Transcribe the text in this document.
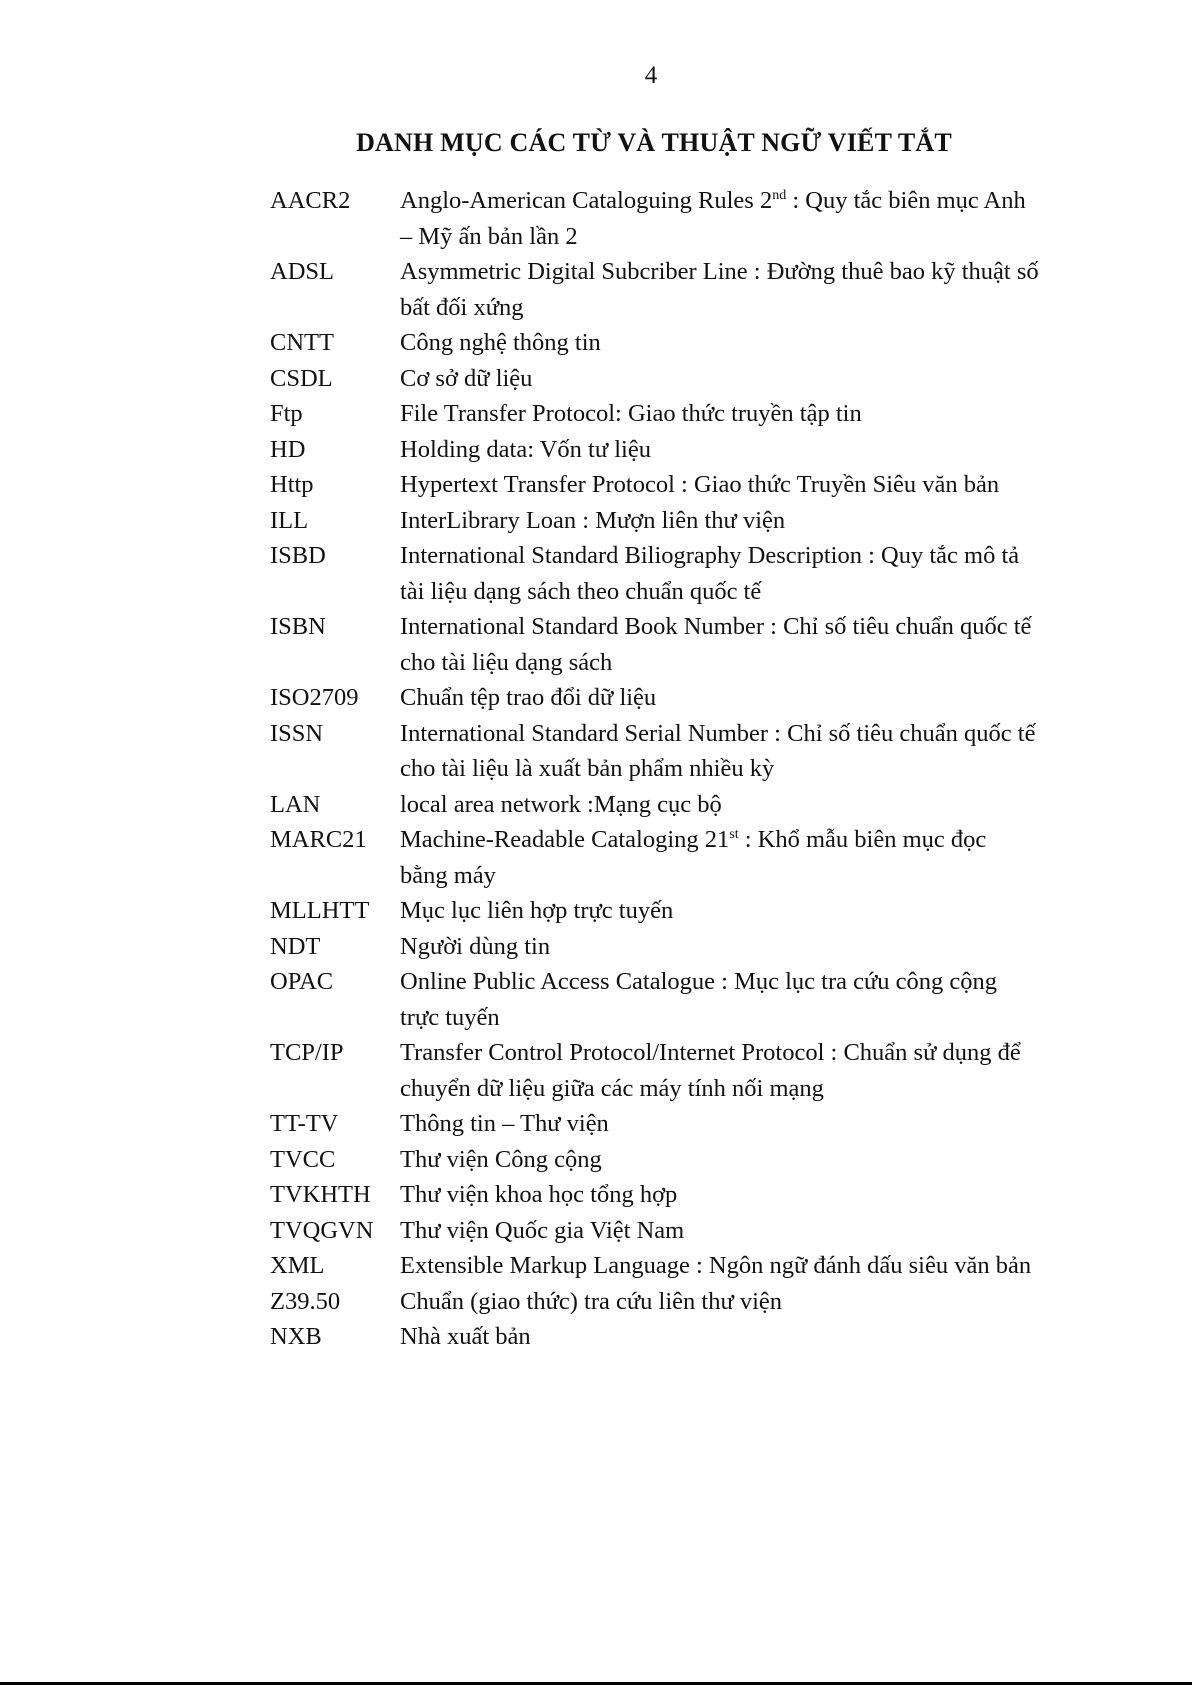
4
DANH MỤC CÁC TỪ VÀ THUẬT NGỮ VIẾT TẮT
AACR2	Anglo-American Cataloguing Rules 2nd : Quy tắc biên mục Anh – Mỹ ấn bản lần 2
ADSL	Asymmetric Digital Subcriber Line : Đường thuê bao kỹ thuật số bất đối xứng
CNTT	Công nghệ thông tin
CSDL	Cơ sở dữ liệu
Ftp	File Transfer Protocol: Giao thức truyền tập tin
HD	Holding data: Vốn tư liệu
Http	Hypertext Transfer Protocol : Giao thức Truyền Siêu văn bản
ILL	InterLibrary Loan : Mượn liên thư viện
ISBD	International Standard Biliography Description : Quy tắc mô tả tài liệu dạng sách theo chuẩn quốc tế
ISBN	International Standard Book Number : Chỉ số tiêu chuẩn quốc tế cho tài liệu dạng sách
ISO2709	Chuẩn tệp trao đổi dữ liệu
ISSN	International Standard Serial Number : Chỉ số tiêu chuẩn quốc tế cho tài liệu là xuất bản phẩm nhiều kỳ
LAN	local area network :Mạng cục bộ
MARC21	Machine-Readable Cataloging 21st : Khổ mẫu biên mục đọc bằng máy
MLLHTT	Mục lục liên hợp trực tuyến
NDT	Người dùng tin
OPAC	Online Public Access Catalogue : Mục lục tra cứu công cộng trực tuyến
TCP/IP	Transfer Control Protocol/Internet Protocol : Chuẩn sử dụng để chuyển dữ liệu giữa các máy tính nối mạng
TT-TV	Thông tin – Thư viện
TVCC	Thư viện Công cộng
TVKHTH	Thư viện khoa học tổng hợp
TVQGVN	Thư viện Quốc gia Việt Nam
XML	Extensible Markup Language : Ngôn ngữ đánh dấu siêu văn bản
Z39.50	Chuẩn (giao thức) tra cứu liên thư viện
NXB	Nhà xuất bản
